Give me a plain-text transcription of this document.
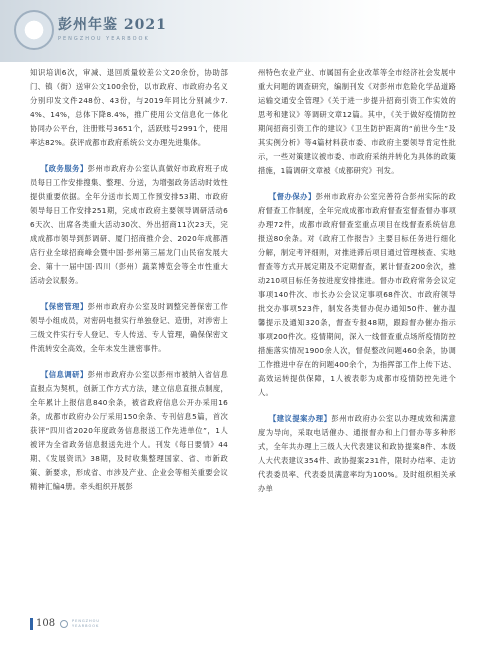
彭州年鉴 2021
PENGZHOU YEARBOOK

知识培训6次，审减、退回质量较差公文20余份，协助部门、镇（街）送审公文100余份，以市政府、市政府办名义分别印发文件248份、43份，与2019年同比分别减少7.4%、14%，总体下降8.4%，推广使用公文信息化一体化协同办公平台，注册账号3651个，活跃账号2991个，使用率达82%。获评成都市政府系统公文办理先进集体。

【政务服务】彭州市政府办公室认真做好市政府班子成员每日工作安排搜集、整理、分送，为增强政务活动时效性提供重要依据。全年分送市长周工作预安排53期、市政府领导每日工作安排251期，完成市政府主要领导调研活动66天次、出席各类重大活动30次、外出招商11次23天，完成成都市领导到彭调研、厦门招商推介会、2020年成都酒店行业全球招商峰会暨中国·彭州第三届龙门山民宿发展大会、第十一届中国·四川（彭州）蔬菜博览会等全市性重大活动会议服务。

【保密管理】彭州市政府办公室及时调整完善保密工作领导小组成员，对密码电报实行单独登记、造册，对涉密上三级文件实行专人登记、专人传送、专人管理，确保保密文件流转安全高效，全年未发生泄密事件。

【信息调研】彭州市政府办公室以彭州市被纳入省信息直报点为契机，创新工作方式方法，建立信息直报点制度，全年累计上报信息840余条，被省政府信息公开办采用16条，成都市政府办公厅采用150余条、专刊信息5篇，首次获评“四川省2020年度政务信息报送工作先进单位”，1人被评为全省政务信息报送先进个人。刊发《每日要情》44期、《发展资讯》38期，及时收集整理国家、省、市新政策、新要求，形成省、市涉及产业、企业会等相关重要会议精神汇编4册。牵头组织开展彭

州特色农业产业、市属国有企业改革等全市经济社会发展中重大问题的调查研究，编制刊发《对彭州市危险化学品道路运输交通安全管理》《关于进一步提升招商引资工作实效的思考和建议》等调研文章12篇。其中，《关于做好疫情防控期间招商引资工作的建议》《卫生防护距离的“前世今生”及其实例分析》等4篇材料获市委、市政府主要领导肯定性批示，一些对策建议被市委、市政府采纳并转化为具体的政策措施，1篇调研文章被《成都研究》刊发。

【督办保办】彭州市政府办公室完善符合彭州实际的政府督查工作制度，全年完成成都市政府督查室督查督办事项办理72件，成都市政府督查室重点项目在线督查系统信息报送80余条。对《政府工作报告》主要目标任务进行细化分解，制定考评细则，对推进滞后项目通过管理核查、实地督查等方式开展定期及不定期督查，累计督查200余次，推动210项目标任务按进度安排推进。督办市政府常务会议定事项140件次、市长办公会议定事项68件次、市政府领导批交办事项523件，制发各类督办促办通知50件、催办温馨提示及通知320条，督查专报48期，跟踪督办催办指示事项200件次。疫情期间，深入一线督查重点场所疫情防控措施落实情况1900余人次，督促整改问题460余条，协调工作推进中存在的问题400余个，为指挥部工作上传下达、高效运转提供保障，1人被表彰为成都市疫情防控先进个人。

【建议提案办理】彭州市政府办公室以办理成效和满意度为导向，采取电话催办、通报督办和上门督办等多种形式，全年共办理上三级人大代表建议和政协提案8件、本级人大代表建议354件、政协提案231件，限时办结率、走访代表委员率、代表委员满意率均为100%。及时组织相关承办单

108	PENGZHOU
YEARBOOK
